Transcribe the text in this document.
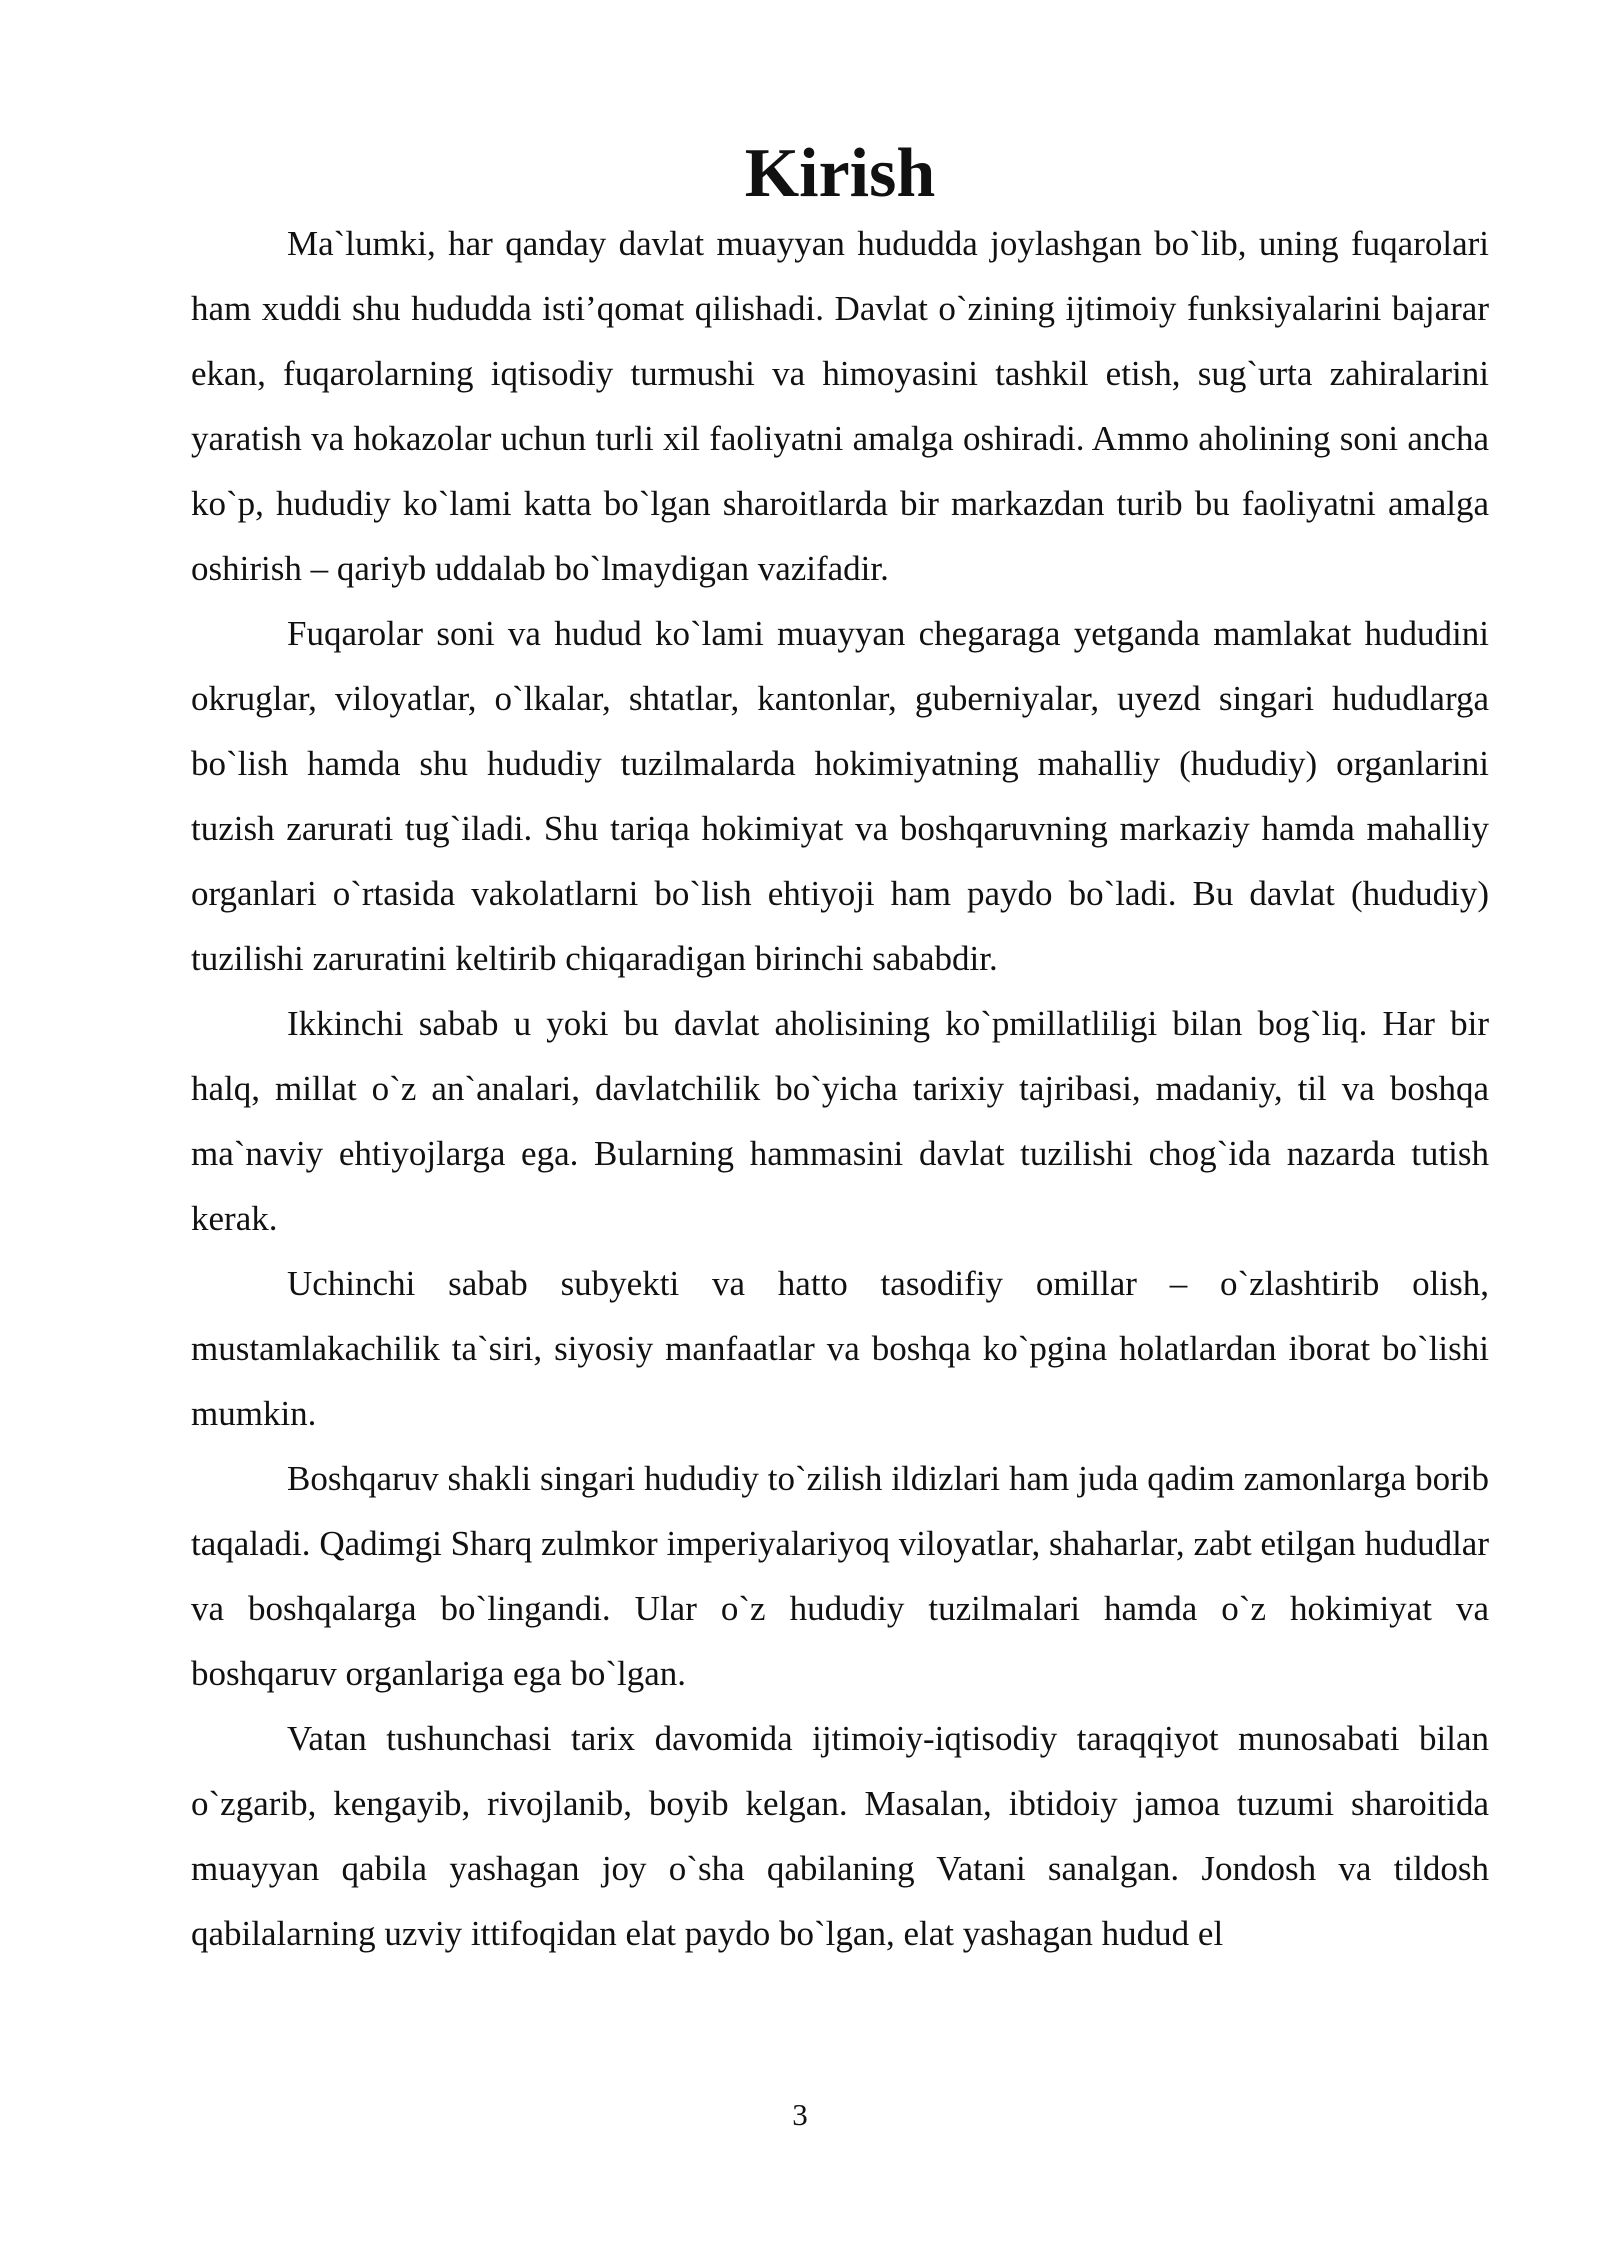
Kirish

Ma`lumki, har qanday davlat muayyan hududda joylashgan bo`lib, uning fuqarolari ham xuddi shu hududda isti’qomat qilishadi. Davlat o`zining ijtimoiy funksiyalarini bajarar ekan, fuqarolarning iqtisodiy turmushi va himoyasini tashkil etish, sug`urta zahiralarini yaratish va hokazolar uchun turli xil faoliyatni amalga oshiradi. Ammo aholining soni ancha ko`p, hududiy ko`lami katta bo`lgan sharoitlarda bir markazdan turib bu faoliyatni amalga oshirish – qariyb uddalab bo`lmaydigan vazifadir.

Fuqarolar soni va hudud ko`lami muayyan chegaraga yetganda mamlakat hududini okruglar, viloyatlar, o`lkalar, shtatlar, kantonlar, guberniyalar, uyezd singari hududlarga bo`lish hamda shu hududiy tuzilmalarda hokimiyatning mahalliy (hududiy) organlarini tuzish zarurati tug`iladi. Shu tariqa hokimiyat va boshqaruvning markaziy hamda mahalliy organlari o`rtasida vakolatlarni bo`lish ehtiyoji ham paydo bo`ladi. Bu davlat (hududiy) tuzilishi zaruratini keltirib chiqaradigan birinchi sababdir.

Ikkinchi sabab u yoki bu davlat aholisining ko`pmillatliligi bilan bog`liq. Har bir halq, millat o`z an`analari, davlatchilik bo`yicha tarixiy tajribasi, madaniy, til va boshqa ma`naviy ehtiyojlarga ega. Bularning hammasini davlat tuzilishi chog`ida nazarda tutish kerak.

Uchinchi sabab subyekti va hatto tasodifiy omillar – o`zlashtirib olish, mustamlakachilik ta`siri, siyosiy manfaatlar va boshqa ko`pgina holatlardan iborat bo`lishi mumkin.

Boshqaruv shakli singari hududiy to`zilish ildizlari ham juda qadim zamonlarga borib taqaladi. Qadimgi Sharq zulmkor imperiyalariyoq viloyatlar, shaharlar, zabt etilgan hududlar va boshqalarga bo`lingandi. Ular o`z hududiy tuzilmalari hamda o`z hokimiyat va boshqaruv organlariga ega bo`lgan.

Vatan tushunchasi tarix davomida ijtimoiy-iqtisodiy taraqqiyot munosabati bilan o`zgarib, kengayib, rivojlanib, boyib kelgan. Masalan, ibtidoiy jamoa tuzumi sharoitida muayyan qabila yashagan joy o`sha qabilaning Vatani sanalgan. Jondosh va tildosh qabilalarning uzviy ittifoqidan elat paydo bo`lgan, elat yashagan hudud el

3
